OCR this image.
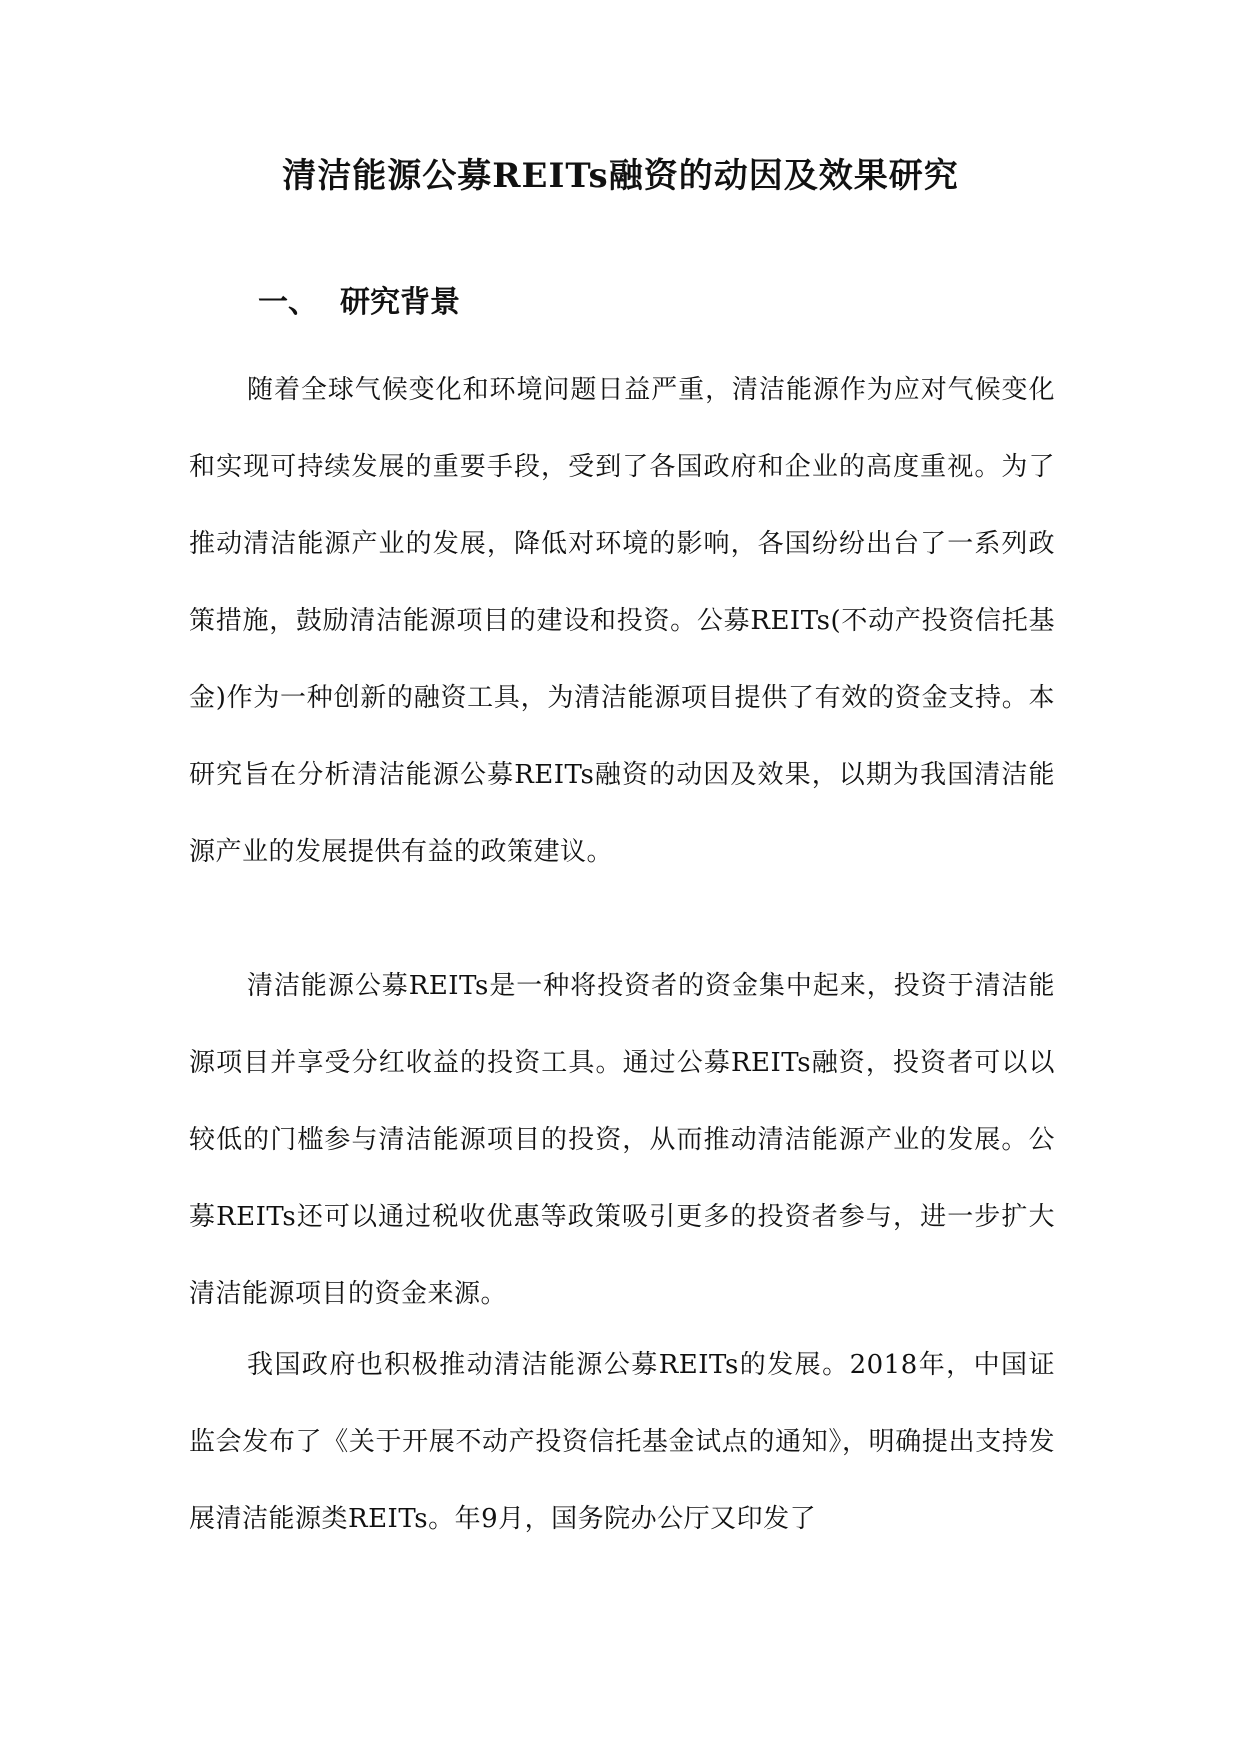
清洁能源公募REITs融资的动因及效果研究
一、 研究背景

随着全球气候变化和环境问题日益严重，清洁能源作为应对气候变化和实现可持续发展的重要手段，受到了各国政府和企业的高度重视。为了推动清洁能源产业的发展，降低对环境的影响，各国纷纷出台了一系列政策措施，鼓励清洁能源项目的建设和投资。公募REITs(不动产投资信托基金)作为一种创新的融资工具，为清洁能源项目提供了有效的资金支持。本研究旨在分析清洁能源公募REITs融资的动因及效果，以期为我国清洁能源产业的发展提供有益的政策建议。

清洁能源公募REITs是一种将投资者的资金集中起来，投资于清洁能源项目并享受分红收益的投资工具。通过公募REITs融资，投资者可以以较低的门槛参与清洁能源项目的投资，从而推动清洁能源产业的发展。公募REITs还可以通过税收优惠等政策吸引更多的投资者参与，进一步扩大清洁能源项目的资金来源。

我国政府也积极推动清洁能源公募REITs的发展。2018年，中国证监会发布了《关于开展不动产投资信托基金试点的通知》，明确提出支持发展清洁能源类REITs。年9月，国务院办公厅又印发了
